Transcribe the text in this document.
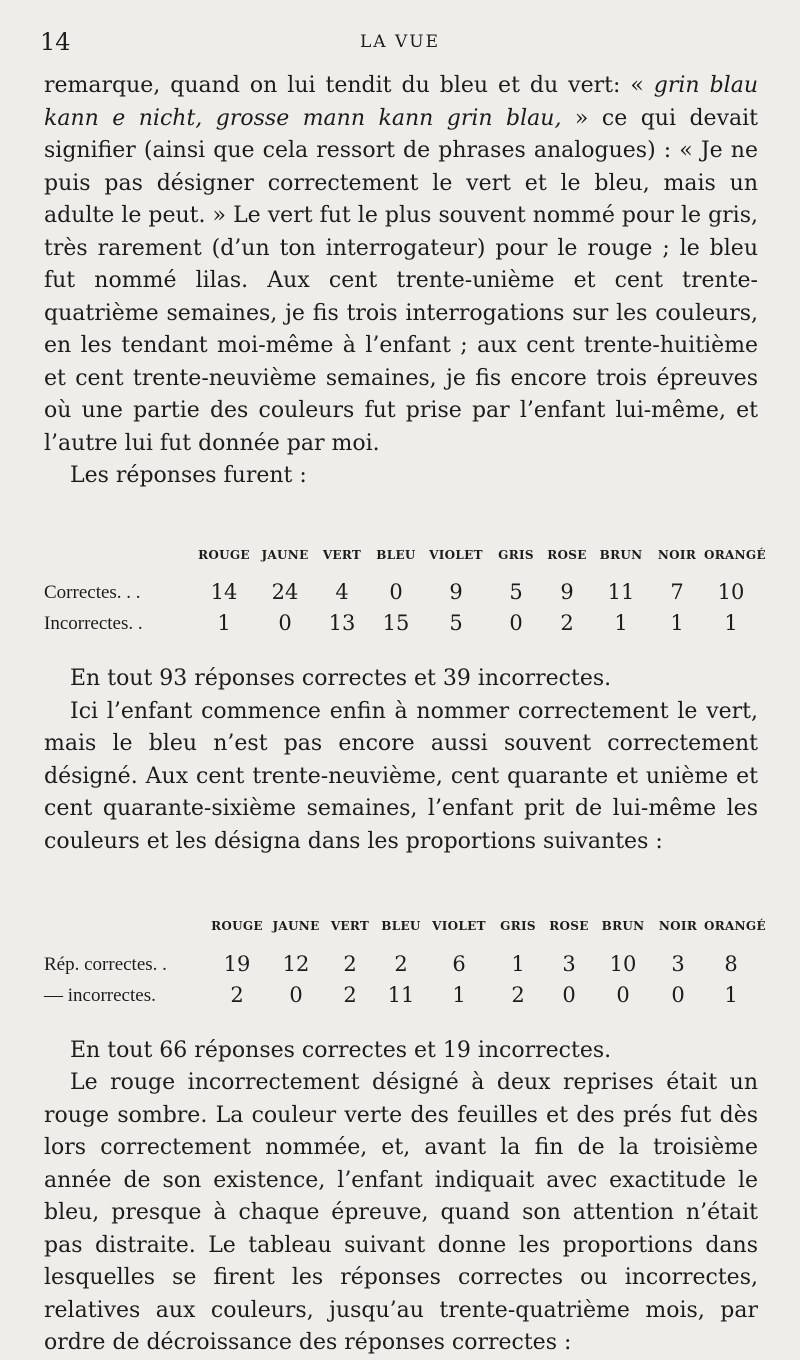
14	LA VUE

remarque, quand on lui tendit du bleu et du vert: « grin blau kann e nicht, grosse mann kann grin blau, » ce qui devait signifier (ainsi que cela ressort de phrases analogues) : « Je ne puis pas désigner correctement le vert et le bleu, mais un adulte le peut. » Le vert fut le plus souvent nommé pour le gris, très rarement (d’un ton interrogateur) pour le rouge ; le bleu fut nommé lilas. Aux cent trente-unième et cent trente-quatrième semaines, je fis trois interrogations sur les couleurs, en les tendant moi-même à l’enfant ; aux cent trente-huitième et cent trente-neuvième semaines, je fis encore trois épreuves où une partie des couleurs fut prise par l’enfant lui-même, et l’autre lui fut donnée par moi.

Les réponses furent :

	ROUGE	JAUNE	VERT	BLEU	VIOLET	GRIS	ROSE	BRUN	NOIR	ORANGÉ
Correctes. . .	14	24	4	0	9	5	9	11	7	10
Incorrectes. .	1	0	13	15	5	0	2	1	1	1

En tout 93 réponses correctes et 39 incorrectes.

Ici l’enfant commence enfin à nommer correctement le vert, mais le bleu n’est pas encore aussi souvent correctement désigné. Aux cent trente-neuvième, cent quarante et unième et cent quarante-sixième semaines, l’enfant prit de lui-même les couleurs et les désigna dans les proportions suivantes :

	ROUGE	JAUNE	VERT	BLEU	VIOLET	GRIS	ROSE	BRUN	NOIR	ORANGÉ
Rép. correctes. .	19	12	2	2	6	1	3	10	3	8
— incorrectes.	2	0	2	11	1	2	0	0	0	1

En tout 66 réponses correctes et 19 incorrectes.

Le rouge incorrectement désigné à deux reprises était un rouge sombre. La couleur verte des feuilles et des prés fut dès lors correctement nommée, et, avant la fin de la troisième année de son existence, l’enfant indiquait avec exactitude le bleu, presque à chaque épreuve, quand son attention n’était pas distraite. Le tableau suivant donne les proportions dans lesquelles se firent les réponses correctes ou incorrectes, relatives aux couleurs, jusqu’au trente-quatrième mois, par ordre de décroissance des réponses correctes :
